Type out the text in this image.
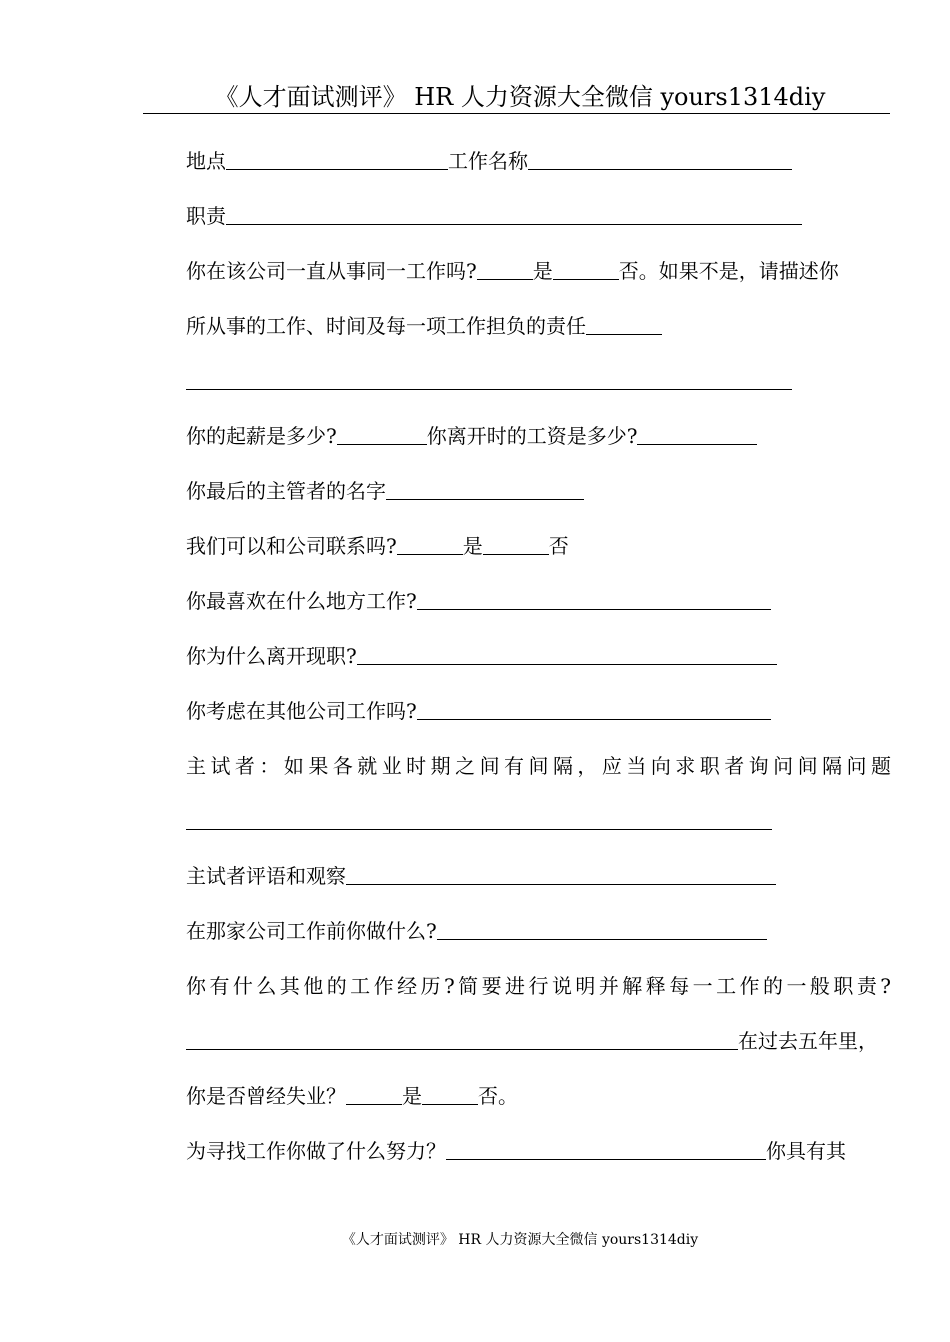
《人才面试测评》 HR 人力资源大全微信 yours1314diy
地点	工作名称
职责
你在该公司一直从事同一工作吗?	是	否。如果不是，请描述你
所从事的工作、时间及每一项工作担负的责任
你的起薪是多少?	你离开时的工资是多少?
你最后的主管者的名字
我们可以和公司联系吗?	是	否
你最喜欢在什么地方工作?
你为什么离开现职?
你考虑在其他公司工作吗?
主试者：如果各就业时期之间有间隔，应当向求职者询问间隔问题
主试者评语和观察
在那家公司工作前你做什么?
你有什么其他的工作经历?简要进行说明并解释每一工作的一般职责?
在过去五年里，
你是否曾经失业？	是	否。
为寻找工作你做了什么努力？	你具有其
《人才面试测评》 HR 人力资源大全微信 yours1314diy
